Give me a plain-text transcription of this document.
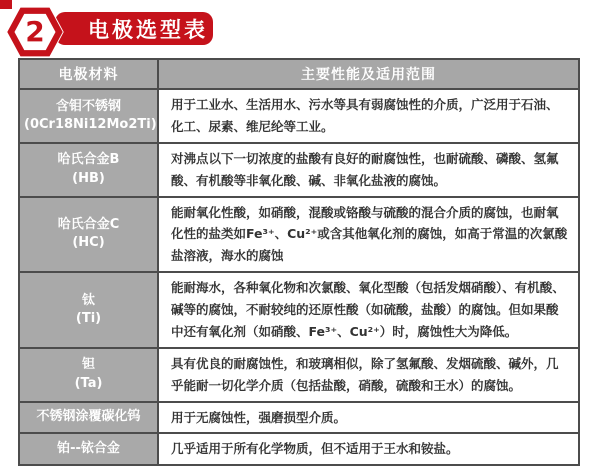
电极选型表
2
电极材料	主要性能及适用范围
含钼不锈钢
(0Cr18Ni12Mo2Ti)	用于工业水、生活用水、污水等具有弱腐蚀性的介质，广泛用于石油、化工、尿素、维尼纶等工业。
哈氏合金B
(HB)	对沸点以下一切浓度的盐酸有良好的耐腐蚀性，也耐硫酸、磷酸、氢氟酸、有机酸等非氧化酸、碱、非氧化盐液的腐蚀。
哈氏合金C
(HC)	能耐氧化性酸，如硝酸，混酸或铬酸与硫酸的混合介质的腐蚀，也耐氧化性的盐类如Fe³⁺、Cu²⁺或含其他氧化剂的腐蚀，如高于常温的次氯酸盐溶液，海水的腐蚀
钛
(Ti)	能耐海水，各种氧化物和次氯酸、氧化型酸（包括发烟硝酸）、有机酸、碱等的腐蚀，不耐较纯的还原性酸（如硫酸，盐酸）的腐蚀。但如果酸中还有氧化剂（如硝酸、Fe³⁺、Cu²⁺）时，腐蚀性大为降低。
钽
(Ta)	具有优良的耐腐蚀性，和玻璃相似，除了氢氟酸、发烟硫酸、碱外，几乎能耐一切化学介质（包括盐酸，硝酸，硫酸和王水）的腐蚀。
不锈钢涂覆碳化钨	用于无腐蚀性，强磨损型介质。
铂--铱合金	几乎适用于所有化学物质，但不适用于王水和铵盐。
